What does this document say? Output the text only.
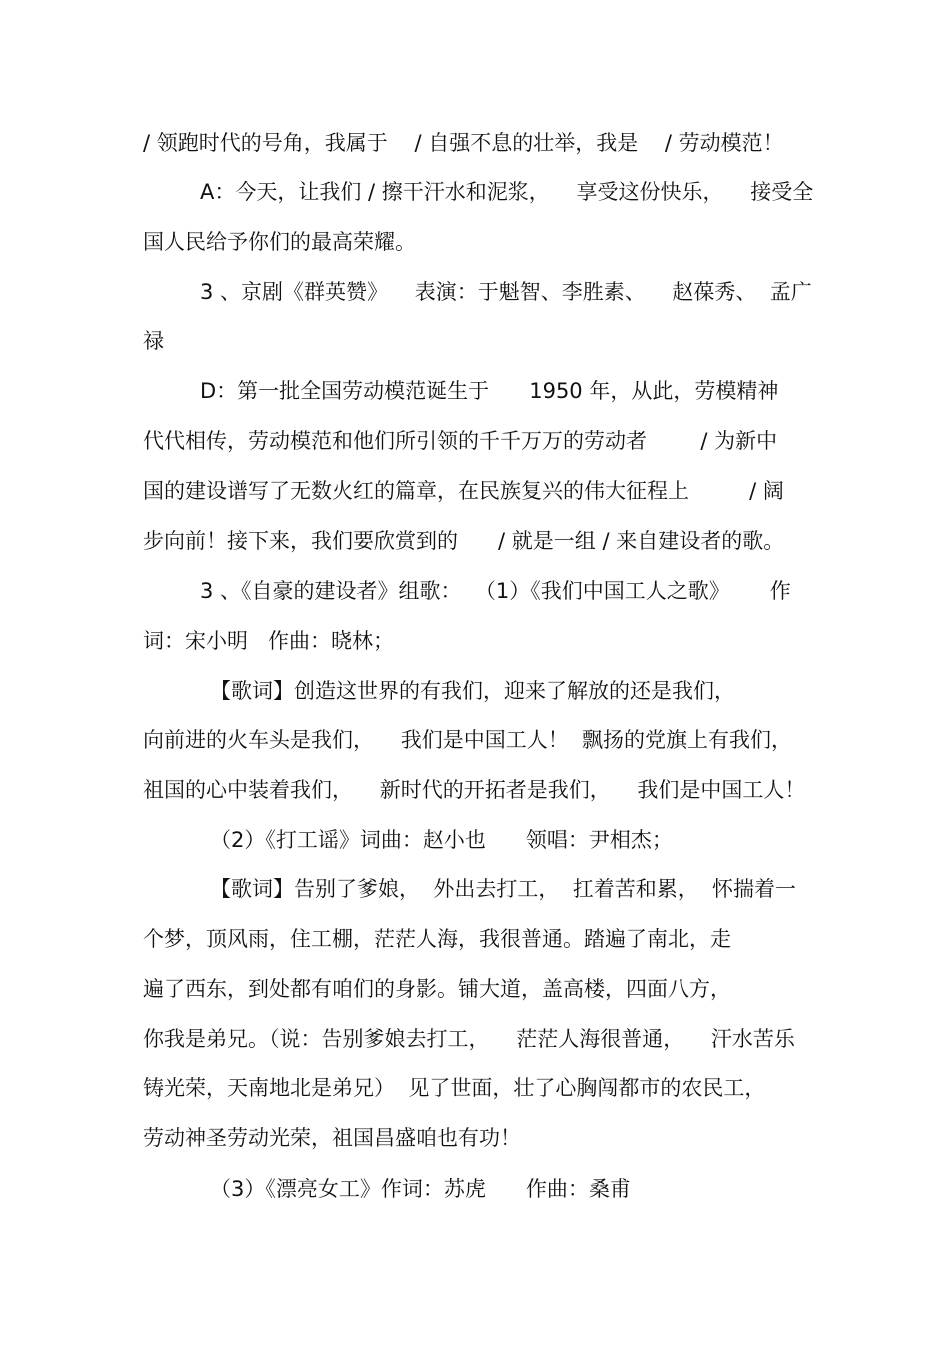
/ 领跑时代的号角，我属于    / 自强不息的壮举，我是    / 劳动模范！
A：今天，让我们 / 擦干汗水和泥浆，    享受这份快乐，    接受全
国人民给予你们的最高荣耀。
3 、京剧《群英赞》    表演：于魁智、李胜素、    赵葆秀、  孟广
禄
D：第一批全国劳动模范诞生于      1950 年，从此，劳模精神
代代相传，劳动模范和他们所引领的千千万万的劳动者        / 为新中
国的建设谱写了无数火红的篇章，在民族复兴的伟大征程上         / 阔
步向前！接下来，我们要欣赏到的      / 就是一组 / 来自建设者的歌。
3 、《自豪的建设者》组歌：  （1）《我们中国工人之歌》      作
词：宋小明   作曲：晓林；
【歌词】创造这世界的有我们，迎来了解放的还是我们，
向前进的火车头是我们，    我们是中国工人！  飘扬的党旗上有我们，
祖国的心中装着我们，    新时代的开拓者是我们，    我们是中国工人！
（2）《打工谣》词曲：赵小也      领唱：尹相杰；
【歌词】告别了爹娘，  外出去打工，  扛着苦和累，  怀揣着一
个梦，顶风雨，住工棚，茫茫人海，我很普通。踏遍了南北，走
遍了西东，到处都有咱们的身影。铺大道，盖高楼，四面八方，
你我是弟兄。（说：告别爹娘去打工，    茫茫人海很普通，    汗水苦乐
铸光荣，天南地北是弟兄）  见了世面，壮了心胸闯都市的农民工，
劳动神圣劳动光荣，祖国昌盛咱也有功！
（3）《漂亮女工》作词：苏虎      作曲：桑甫
